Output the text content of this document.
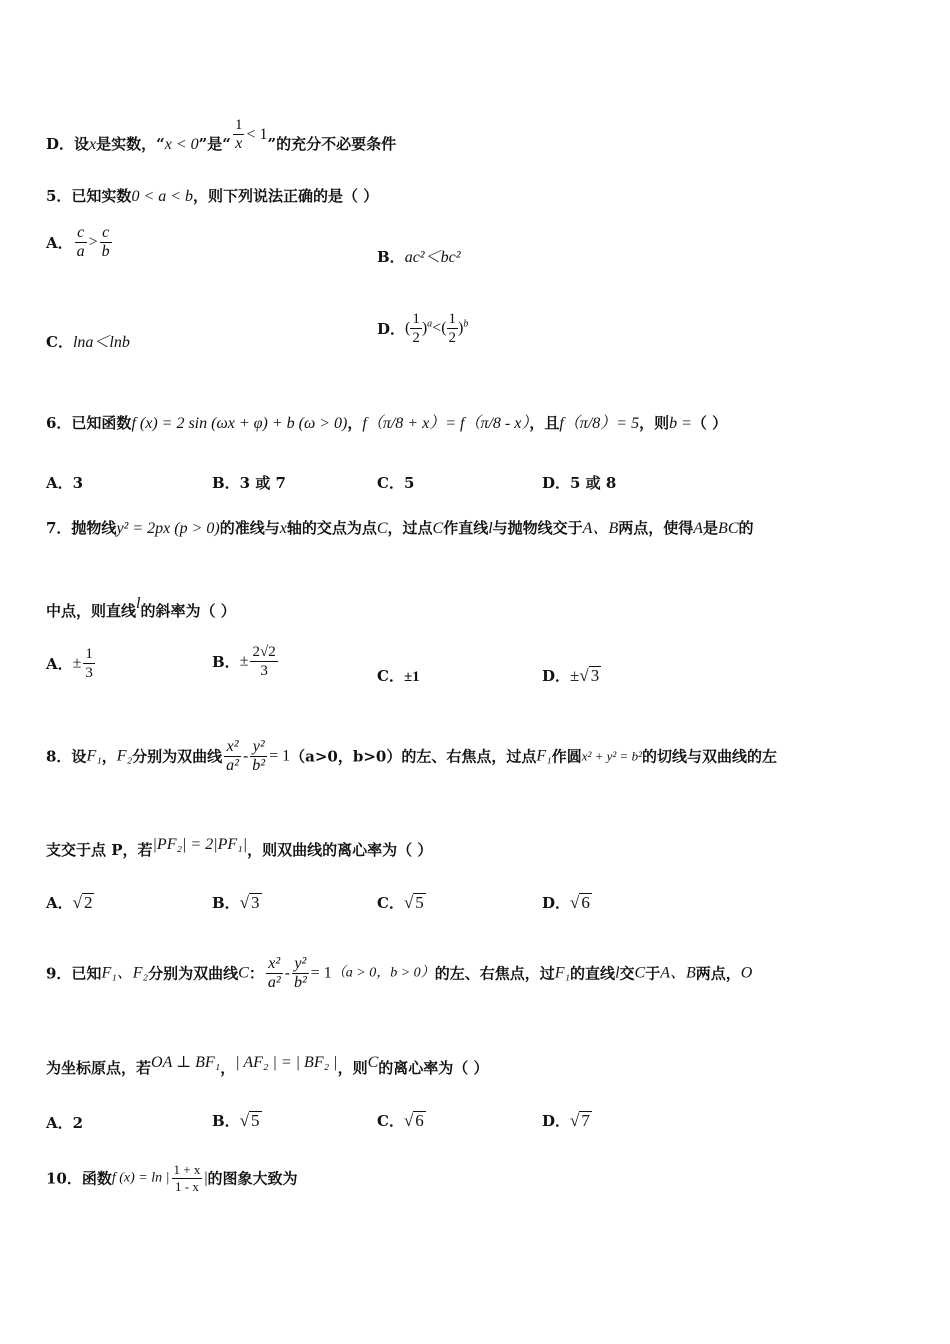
D．设x是实数，“x < 0”是“ $\frac{1}{x} < 1$”的充分不必要条件
5．已知实数0 < a < b，则下列说法正确的是（ ）
A． $\frac{c}{a} > \frac{c}{b}$	B．ac²＜bc²
C．lna＜lnb
D．( $\frac{1}{2} )^a<( \frac{1}{2} )^b$
6．已知函数f (x) = 2 sin (ωx + φ) + b (ω > 0)，f（π/8 + x）= f（π/8 - x），且f（π/8）= 5，则b =（ ）
A．3	B．3 或 7	C．5	D．5 或 8
7．抛物线y² = 2px (p > 0)的准线与x轴的交点为点C，过点C作直线l与抛物线交于A、B两点，使得A是BC的
中点，则直线l的斜率为（ ）
A．± $\frac{1}{3}$	B．± $\frac{2√2}{3}$	C．±1	D．±√ 3
8．设F₁，F₂分别为双曲线 $\frac{\text{x²}}{\text{a²}} - \frac{\text{y²}}{\text{b²}} = 1(a>0$，b>0）的左、右焦点，过点F₁作圆x² + y² = b²的切线与双曲线的左
支交于点 P，若|PF₂| = 2|PF₁|，则双曲线的离心率为（ ）
A．√ 2	B．√ 3	C．√ 5	D．√ 6
9．已知F₁、F₂分别为双曲线C： $\frac{\text{x²}}{\text{a²}} - \frac{\text{y²}}{\text{b²}} = 1(a > 0$，b > 0）的左、右焦点，过F₁的直线l交C于A、B两点，O
为坐标原点，若OA ⊥ BF₁，| AF₂ | = | BF₂ |，则C的离心率为（ ）
A．2	B．√ 5	C．√ 6	D．√ 7
10．函数f (x) = ln | $\frac{1 + x}{1 - x}$ |的图象大致为
